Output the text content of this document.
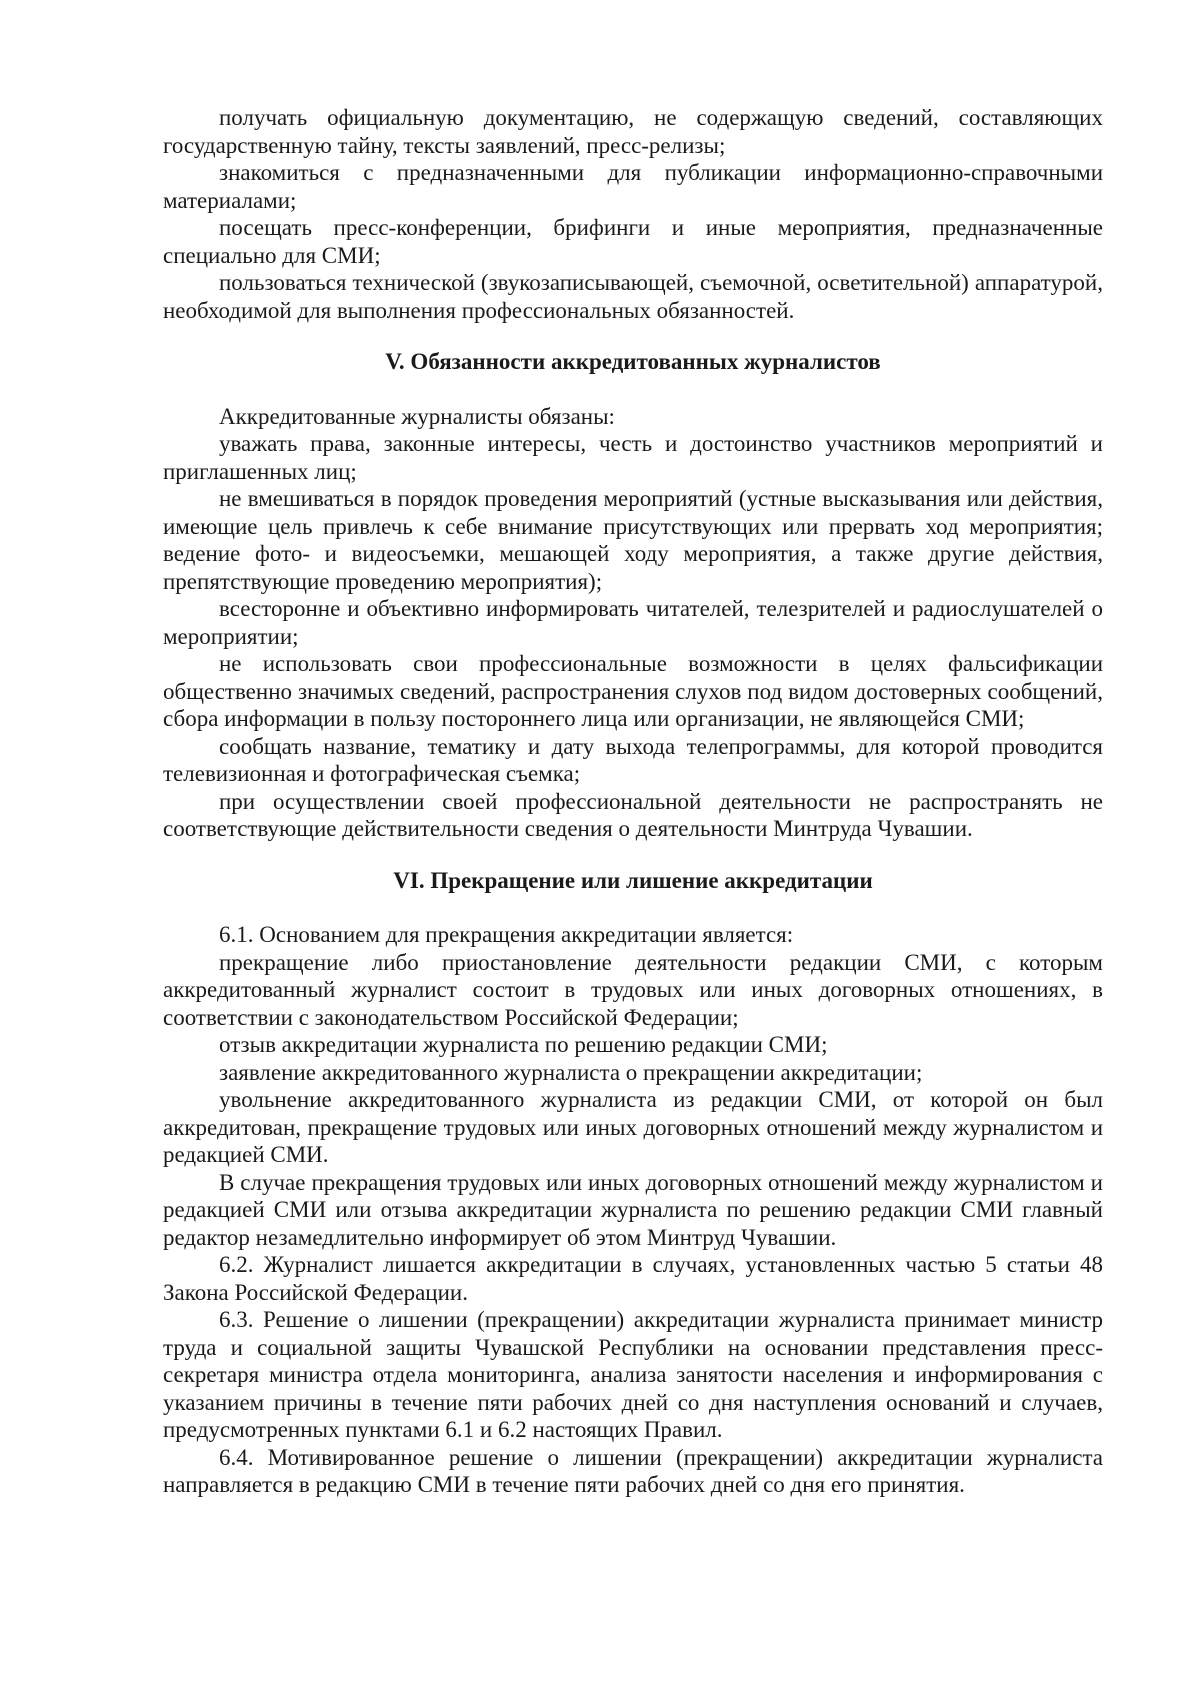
получать официальную документацию, не содержащую сведений, составляющих государственную тайну, тексты заявлений, пресс-релизы;

знакомиться с предназначенными для публикации информационно-справочными материалами;

посещать пресс-конференции, брифинги и иные мероприятия, предназначенные специально для СМИ;

пользоваться технической (звукозаписывающей, съемочной, осветительной) аппаратурой, необходимой для выполнения профессиональных обязанностей.

V. Обязанности аккредитованных журналистов

Аккредитованные журналисты обязаны:

уважать права, законные интересы, честь и достоинство участников мероприятий и приглашенных лиц;

не вмешиваться в порядок проведения мероприятий (устные высказывания или действия, имеющие цель привлечь к себе внимание присутствующих или прервать ход мероприятия; ведение фото- и видеосъемки, мешающей ходу мероприятия, а также другие действия, препятствующие проведению мероприятия);

всесторонне и объективно информировать читателей, телезрителей и радиослушателей о мероприятии;

не использовать свои профессиональные возможности в целях фальсификации общественно значимых сведений, распространения слухов под видом достоверных сообщений, сбора информации в пользу постороннего лица или организации, не являющейся СМИ;

сообщать название, тематику и дату выхода телепрограммы, для которой проводится телевизионная и фотографическая съемка;

при осуществлении своей профессиональной деятельности не распространять не соответствующие действительности сведения о деятельности Минтруда Чувашии.

VI. Прекращение или лишение аккредитации

6.1. Основанием для прекращения аккредитации является:

прекращение либо приостановление деятельности редакции СМИ, с которым аккредитованный журналист состоит в трудовых или иных договорных отношениях, в соответствии с законодательством Российской Федерации;

отзыв аккредитации журналиста по решению редакции СМИ;

заявление аккредитованного журналиста о прекращении аккредитации;

увольнение аккредитованного журналиста из редакции СМИ, от которой он был аккредитован, прекращение трудовых или иных договорных отношений между журналистом и редакцией СМИ.

В случае прекращения трудовых или иных договорных отношений между журналистом и редакцией СМИ или отзыва аккредитации журналиста по решению редакции СМИ главный редактор незамедлительно информирует об этом Минтруд Чувашии.

6.2. Журналист лишается аккредитации в случаях, установленных частью 5 статьи 48 Закона Российской Федерации.

6.3. Решение о лишении (прекращении) аккредитации журналиста принимает министр труда и социальной защиты Чувашской Республики на основании представления пресс-секретаря министра отдела мониторинга, анализа занятости населения и информирования с указанием причины в течение пяти рабочих дней со дня наступления оснований и случаев, предусмотренных пунктами 6.1 и 6.2 настоящих Правил.

6.4. Мотивированное решение о лишении (прекращении) аккредитации журналиста направляется в редакцию СМИ в течение пяти рабочих дней со дня его принятия.
